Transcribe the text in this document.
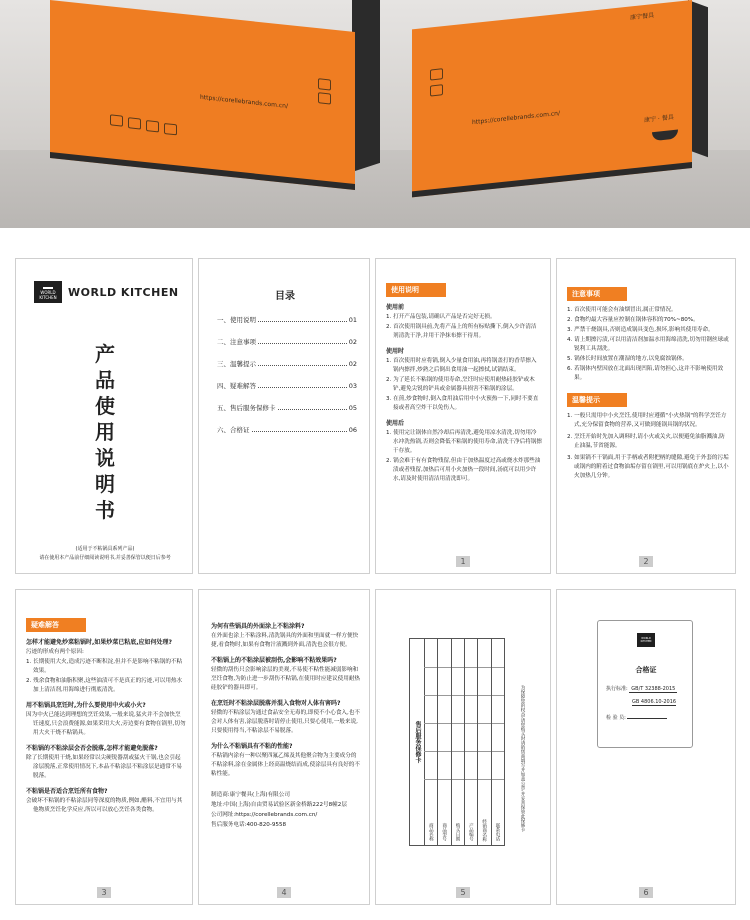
https://corellebrands.com.cn/
康宁餐具
https://corellebrands.com.cn/	康宁 · 餐具
WORLD
KITCHEN	WORLD KITCHEN
产
品
使
用
说
明
书
(适用于不粘锅具系列产品)
请在使用本产品前仔细阅读说明书,并妥善保管以便日后参考
目录
一、使用说明	01
二、注意事项	02
三、温馨提示	02
四、疑难解答	03
五、售后服务保修卡	05
六、合格证	06
使用说明
使用前
1. 打开产品包装,请确认产品是否完好无损。
2. 首次使用锅具前,先将产品上的所有标贴撕下,倒入少许清洁剂清洗干净,并用干净抹布擦干待用。
使用时
1. 首次使用时应将锅,倒入少量食用油,再将锅盖打的香草擦入锅内擦拌,炒熟之后倒出食用油一起擦拭,试锅结束。
2. 为了延长不粘锅的使用寿命,烹饪时应使用耐热硅胶铲或木铲,避免尖锐的铲具或金属器具损害不粘锅的涂层。
3. 在煎,炒食物时,倒入食用油后用中小火预热一下,同时不要直接或者高空炸干以免伤人。
使用后
1. 使用完让锅体自然冷却后再清洗,避免用凉水清洗,切勿用冷水冲洗热锅,否则会降低不粘锅的使用寿命,清洗干净后将锅擦干存放。
2. 锅会难于有有食物残留,但由于加热温度过高或烧水炸那些油渍或者残留,加热后可用小火加热一段时间,汤底可以用少许水,请及时使用清洁用清洗即可。
1
注意事项
1. 首次使用可能会有油烟冒出,属正常情况。
2. 食物约最大容量应控制在锅体容积的70%~80%。
3. 严禁干烧锅具,否则造成锅具变色,损坏,影响其使用寿命。
4. 请上期擦污渍,可以用清洁剂加温水用海绵清洗,切勿用钢丝球或锐利工具刮洗。
5. 锅体长时间放置在潮湿的地方,以免腐蚀锅体。
6. 若锅体内壁因放在北面出现凹陷,请勿担心,这并不影响使用效果。
温馨提示
1. 一般只需用中小火烹饪,使用时应遵循"小火热锅"的科学烹饪方式,充分保留食物的营养,又可做到能锅具锅的状况。
2. 烹饪开始时先加入调料时,请小火或关火,以便避免油脂溅油,防止油温,节省能源。
3. 如果锅不干锅面,用于手柄或者附把柄的缝隙,避免于外套的污垢或锅内的附着过食物油垢存留在锅里,可以用锅底在炉火上,以小火加热几分钟。
2
疑难解答
怎样才能避免炒菜粘锅时,如果炒菜已粘底,应如何处理?
污迹的形成有两个原因:
1. 长期使用大火,造成污迹不断积淀,但并不是影响不粘锅的不粘效果。
2. 残余食物和油脂积聚,这些油渍可不是真正的污迹,可以用热水加上清洁剂,用海绵进行彻底清洗。
用不粘锅具烹饪时,为什么要使用中火或小火?
因为中火已能达到理想的烹饪效果,一般来说,猛火并不会加快烹饪速度,只会浪费能源,如果采用大火,旁边要有食物在锅里,切勿用大火干烧不粘锅具。
不粘锅的不粘涂层会否会脱落,怎样才能避免脱落?
除了长期使用干烧,如果经常以尖硬锐器刮或猛火干锅,也会引起涂层脱落,正常使用情况下,本品不粘涂层不粘涂层是通常不易脱落。
不粘锅是否适合烹饪所有食物?
会破坏不粘锅的不粘涂层同等深度的物质,例如,醋料,不宜用与其他物质烹饪化学反应,所以可以放心烹饪各类食物。
3
为何有些锅具的外面涂上不粘涂料?
在外面也涂上不粘涂料,清洗锅具的外面和里面就一样方便快捷,看食物时,如果有食物汁液溅到外面,清洗也会很方便。
不粘锅上的不粘涂层被刮伤,会影响不粘效果吗?
轻微的刮伤只会影响涂层的美观,不易使不粘性能减弱影响和烹饪食物,为防止进一步刮伤不粘锅,在使用时应建议使用耐热硅胶铲的器具即可。
在烹饪时不粘涂层脱落并混入食物对人体有害吗?
轻微的不粘涂层为通过食品安全无毒的,即使不小心食入,也不会对人体有害,涂层脱落时请停止使用,只要心使用,一般来说,只要使用得当,不粘涂层不易脱落。
为什么不粘锅具有不粘的性能?
不粘锅内涂有一种以聚四氟乙烯及其他聚合物为主要成分的不粘涂料,涂在金属体上经高温烧结而成,使涂层具有良好的不粘性能。
制造商:康宁餐具(上海)有限公司
地址:中国(上海)自由贸易试验区新金桥路222号8幢2层
公司网址:https://corellebrands.com.cn/
售后服务电话:400-820-9558
4
售后服务保修卡
商品名称	商品型号	购买日期	产品编号	经销商名称	联系电话
为保障您的权益,请您购买时请销售商填写并加盖公章,并妥善保管此保修卡
5
WORLD
KITCHEN
合格证
执行标准: GB/T 32388-2015
GB 4806.10-2016
检 验 员:
6
